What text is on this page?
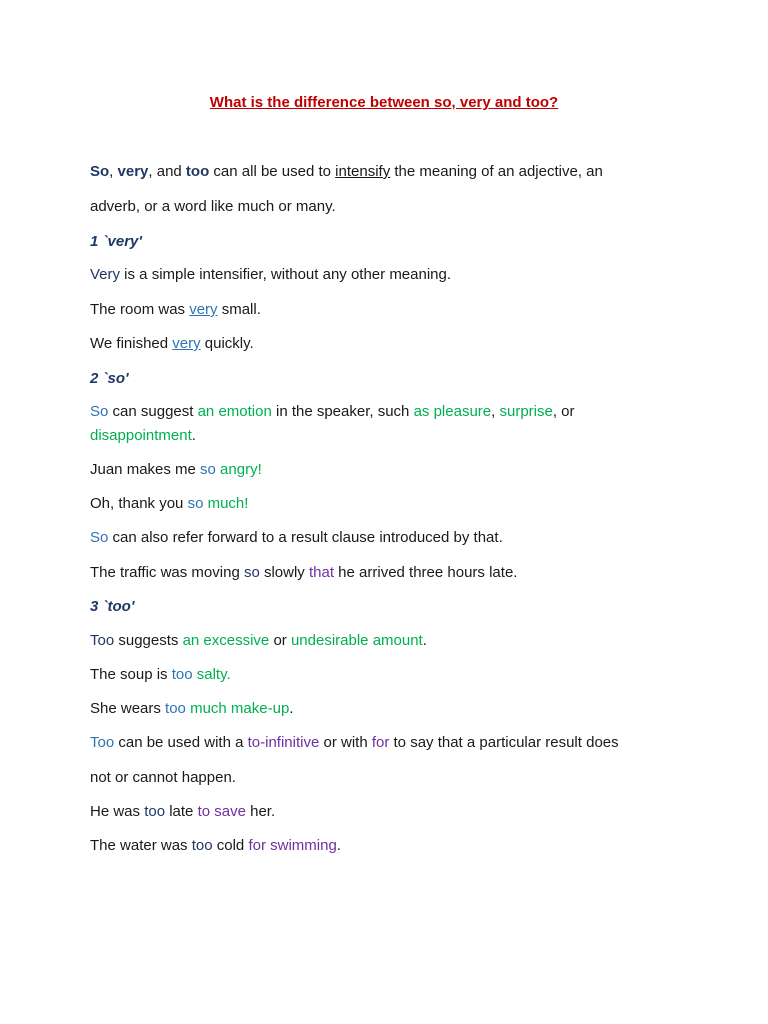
What is the difference between so, very and too?
So, very, and too can all be used to intensify the meaning of an adjective, an
adverb, or a word like much or many.
1 `very'
Very is a simple intensifier, without any other meaning.
The room was very small.
We finished very quickly.
2 `so'
So can suggest an emotion in the speaker, such as pleasure, surprise, or
disappointment.
Juan makes me so angry!
Oh, thank you so much!
So can also refer forward to a result clause introduced by that.
The traffic was moving so slowly that he arrived three hours late.
3 `too'
Too suggests an excessive or undesirable amount.
The soup is too salty.
She wears too much make-up.
Too can be used with a to-infinitive or with for to say that a particular result does
not or cannot happen.
He was too late to save her.
The water was too cold for swimming.
